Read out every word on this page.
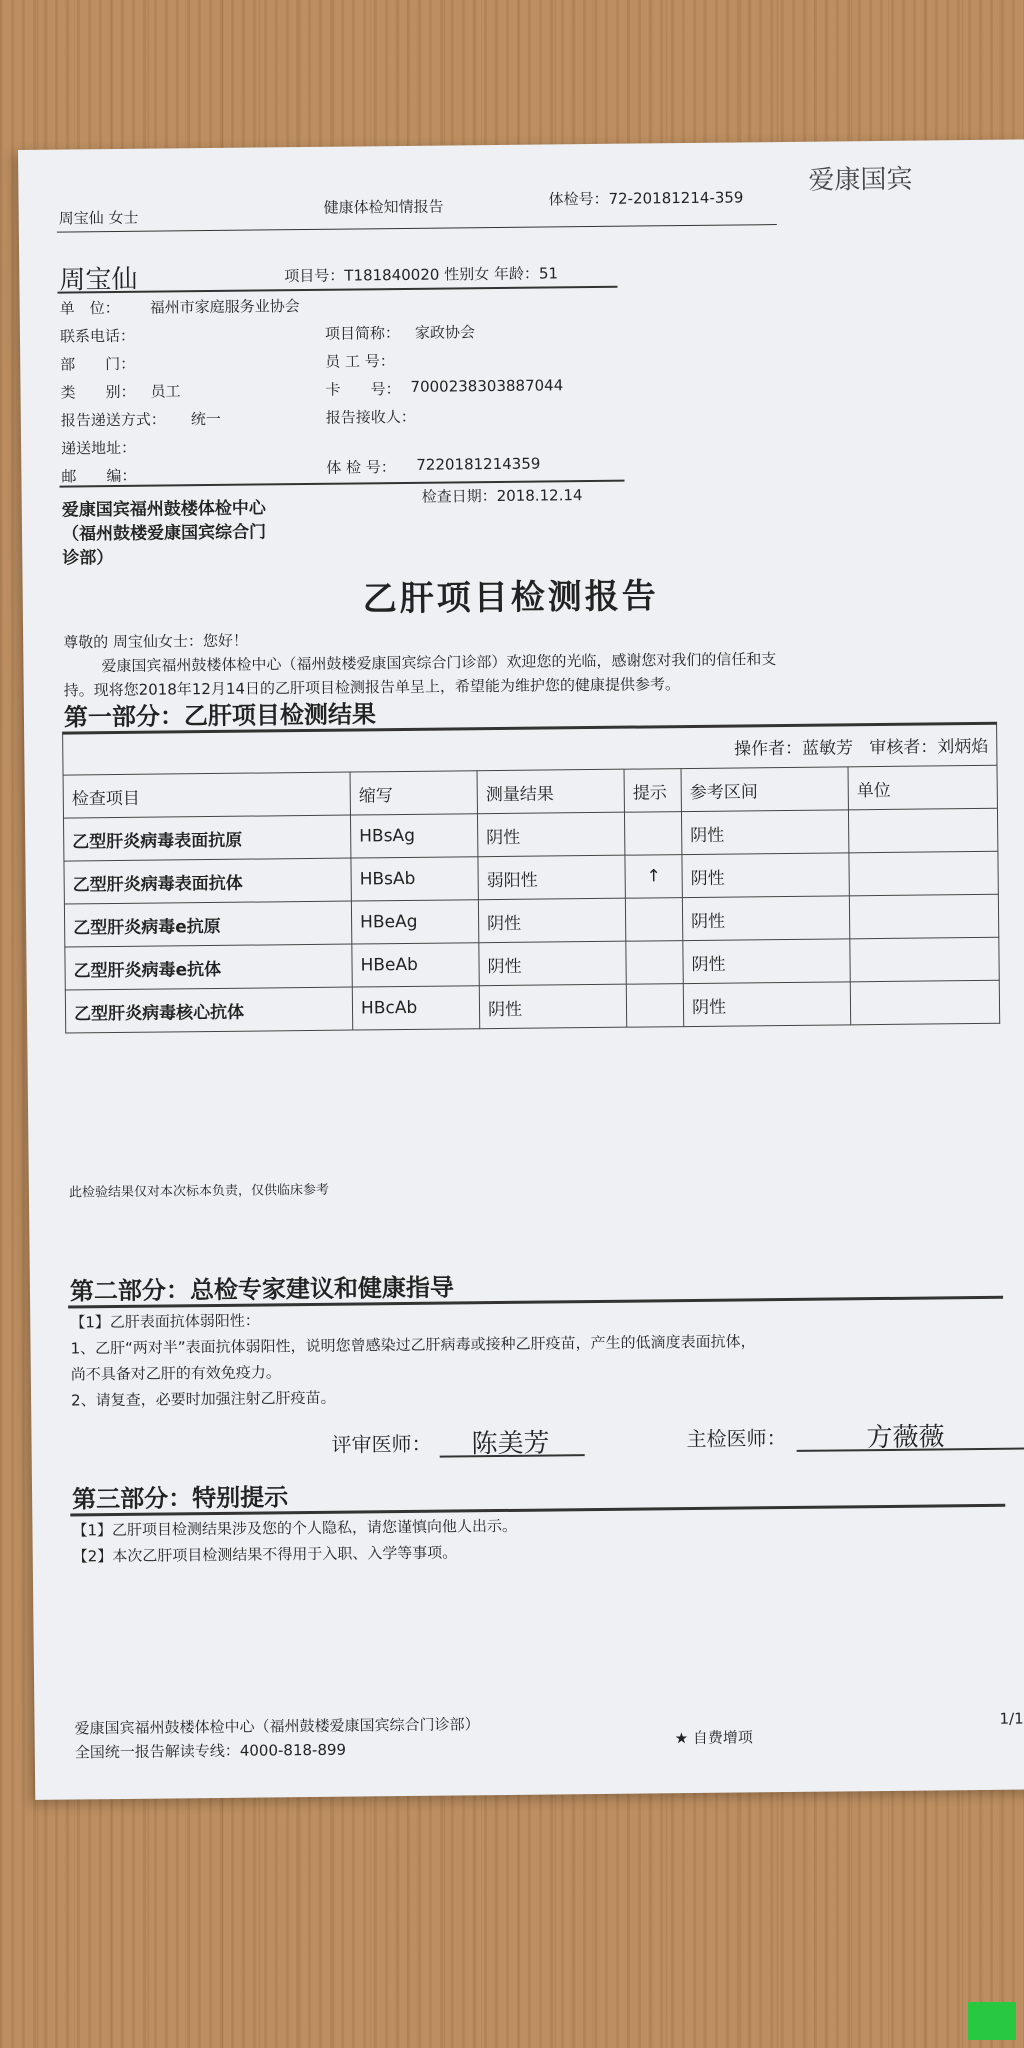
周宝仙 女士
健康体检知情报告	体检号：72-20181214-359
爱康国宾
周宝仙	项目号：T181840020 性别女 年龄：51
单　位： 福州市家庭服务业协会
联系电话：
部　　门：
类　　别： 员工
报告递送方式： 统一
递送地址：
邮　　编：
项目简称： 家政协会
员 工 号：
卡　　号： 7000238303887044
报告接收人：
体 检 号： 7220181214359
爱康国宾福州鼓楼体检中心
（福州鼓楼爱康国宾综合门
诊部）
检查日期：2018.12.14
乙肝项目检测报告
尊敬的 周宝仙女士：您好！
爱康国宾福州鼓楼体检中心（福州鼓楼爱康国宾综合门诊部）欢迎您的光临，感谢您对我们的信任和支
持。现将您2018年12月14日的乙肝项目检测报告单呈上，希望能为维护您的健康提供参考。
第一部分：乙肝项目检测结果
操作者：蓝敏芳 审核者：刘炳焰					
检查项目	缩写	测量结果	提示	参考区间	单位
乙型肝炎病毒表面抗原	HBsAg	阴性		阴性	
乙型肝炎病毒表面抗体	HBsAb	弱阳性	↑	阴性	
乙型肝炎病毒e抗原	HBeAg	阴性		阴性	
乙型肝炎病毒e抗体	HBeAb	阴性		阴性	
乙型肝炎病毒核心抗体	HBcAb	阴性		阴性	
此检验结果仅对本次标本负责，仅供临床参考
第二部分：总检专家建议和健康指导
【1】乙肝表面抗体弱阳性：
1、乙肝“两对半”表面抗体弱阳性，说明您曾感染过乙肝病毒或接种乙肝疫苗，产生的低滴度表面抗体，
尚不具备对乙肝的有效免疫力。
2、请复查，必要时加强注射乙肝疫苗。
评审医师： 陈美芳	主检医师：	方薇薇
第三部分：特别提示
【1】乙肝项目检测结果涉及您的个人隐私，请您谨慎向他人出示。
【2】本次乙肝项目检测结果不得用于入职、入学等事项。
爱康国宾福州鼓楼体检中心（福州鼓楼爱康国宾综合门诊部）
全国统一报告解读专线：4000-818-899
★ 自费增项
1/1
